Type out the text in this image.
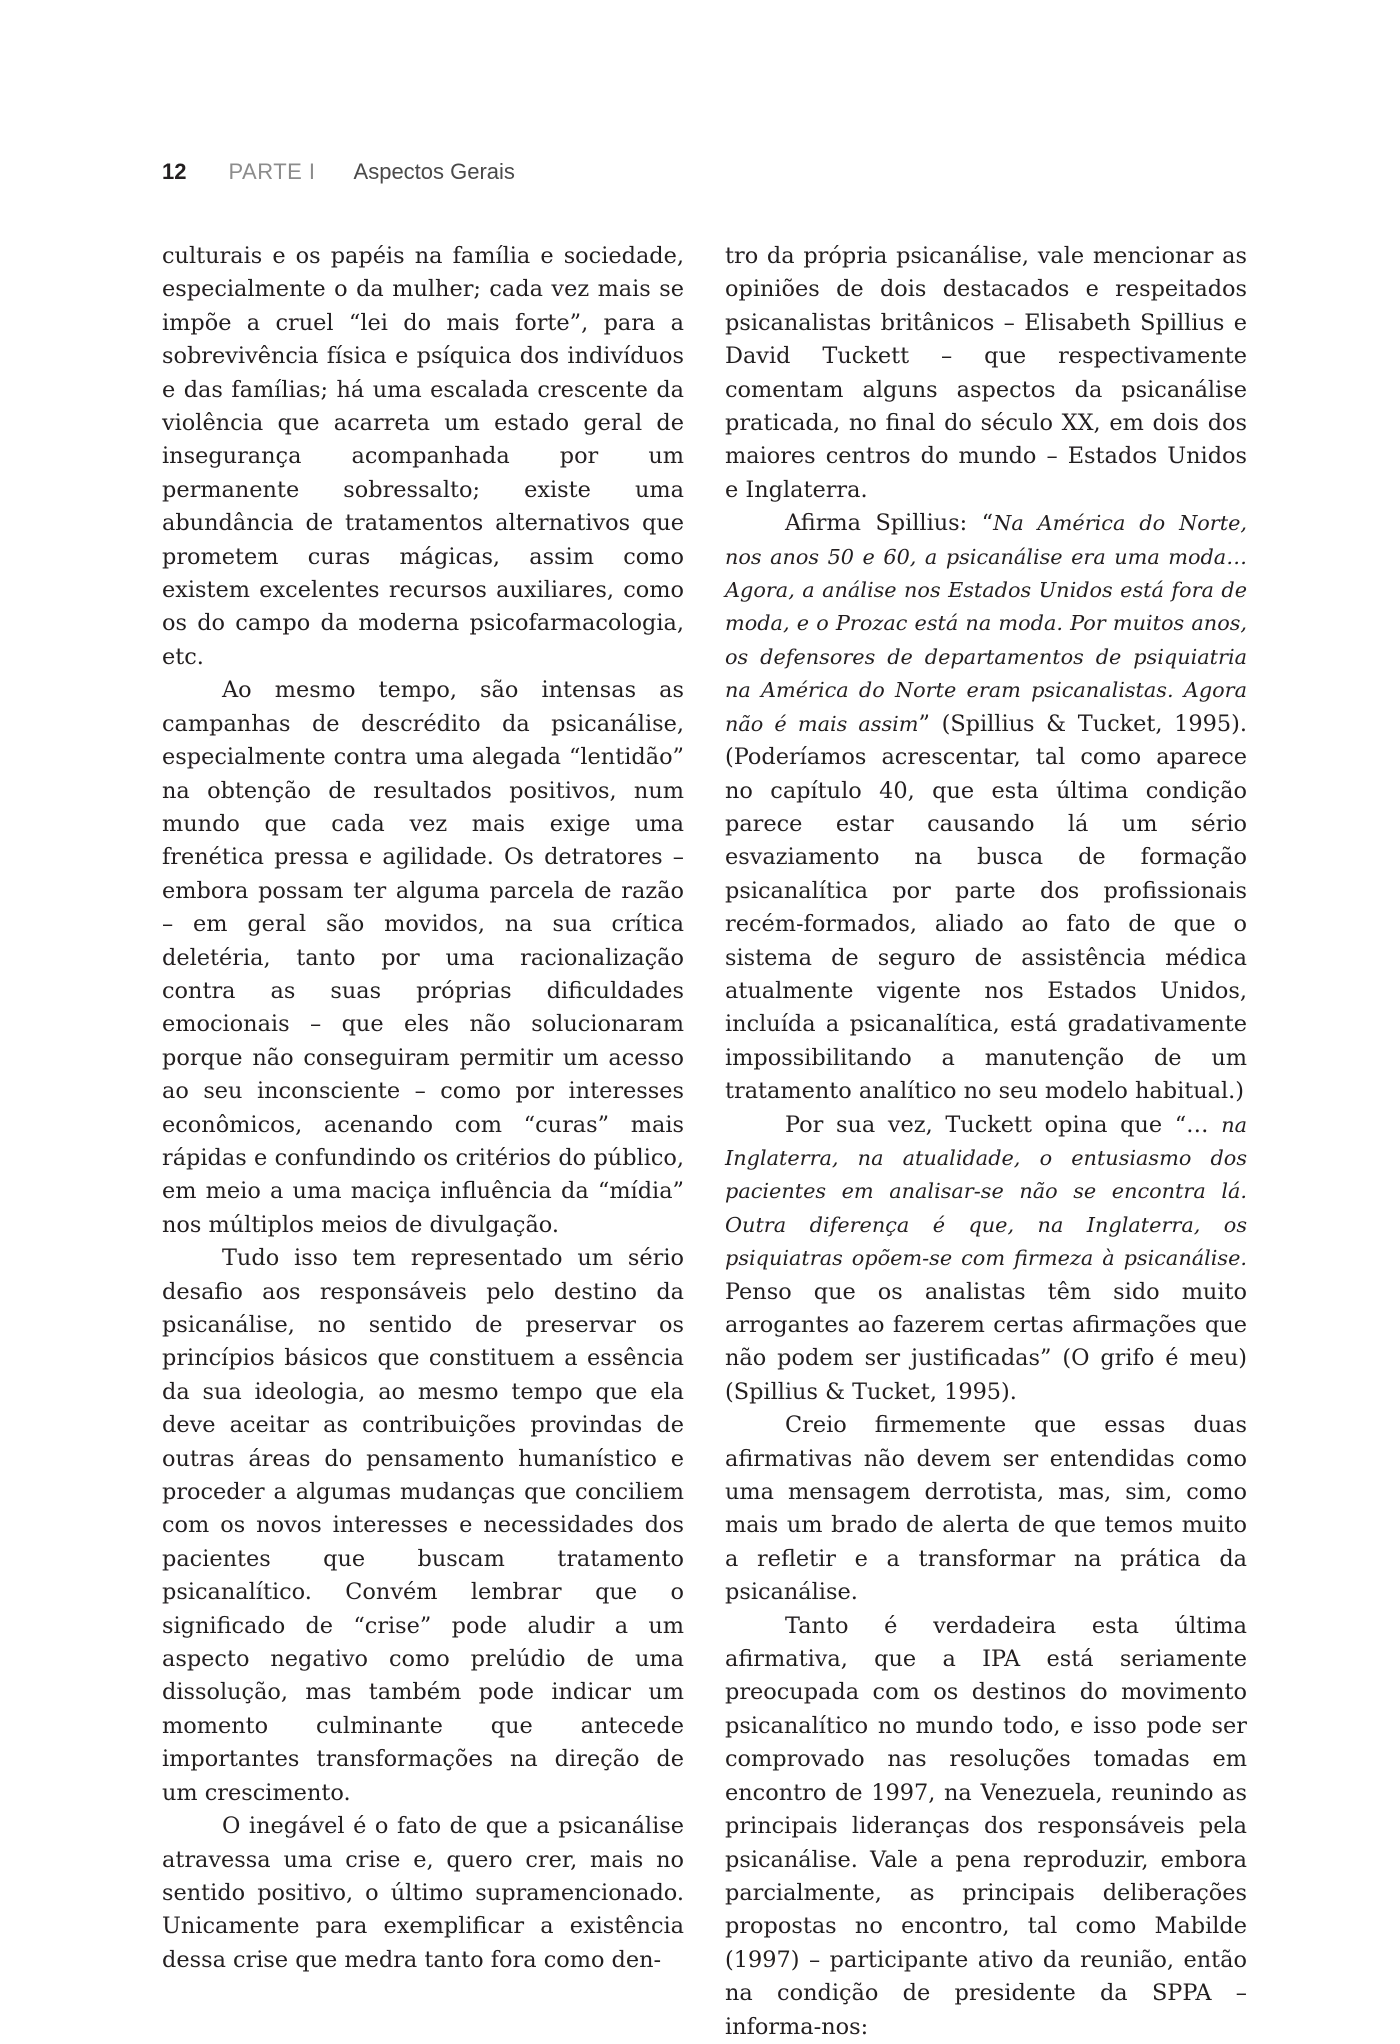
12 PARTE I Aspectos Gerais

culturais e os papéis na família e sociedade, especialmente o da mulher; cada vez mais se impõe a cruel “lei do mais forte”, para a sobrevivência física e psíquica dos indivíduos e das famílias; há uma escalada crescente da violência que acarreta um estado geral de insegurança acompanhada por um permanente sobressalto; existe uma abundância de tratamentos alternativos que prometem curas mágicas, assim como existem excelentes recursos auxiliares, como os do campo da moderna psicofarmacologia, etc.

Ao mesmo tempo, são intensas as campanhas de descrédito da psicanálise, especialmente contra uma alegada “lentidão” na obtenção de resultados positivos, num mundo que cada vez mais exige uma frenética pressa e agilidade. Os detratores – embora possam ter alguma parcela de razão – em geral são movidos, na sua crítica deletéria, tanto por uma racionalização contra as suas próprias dificuldades emocionais – que eles não solucionaram porque não conseguiram permitir um acesso ao seu inconsciente – como por interesses econômicos, acenando com “curas” mais rápidas e confundindo os critérios do público, em meio a uma maciça influência da “mídia” nos múltiplos meios de divulgação.

Tudo isso tem representado um sério desafio aos responsáveis pelo destino da psicanálise, no sentido de preservar os princípios básicos que constituem a essência da sua ideologia, ao mesmo tempo que ela deve aceitar as contribuições provindas de outras áreas do pensamento humanístico e proceder a algumas mudanças que conciliem com os novos interesses e necessidades dos pacientes que buscam tratamento psicanalítico. Convém lembrar que o significado de “crise” pode aludir a um aspecto negativo como prelúdio de uma dissolução, mas também pode indicar um momento culminante que antecede importantes transformações na direção de um crescimento.

O inegável é o fato de que a psicanálise atravessa uma crise e, quero crer, mais no sentido positivo, o último supramencionado. Unicamente para exemplificar a existência dessa crise que medra tanto fora como den-

tro da própria psicanálise, vale mencionar as opiniões de dois destacados e respeitados psicanalistas britânicos – Elisabeth Spillius e David Tuckett – que respectivamente comentam alguns aspectos da psicanálise praticada, no final do século XX, em dois dos maiores centros do mundo – Estados Unidos e Inglaterra.

Afirma Spillius: “Na América do Norte, nos anos 50 e 60, a psicanálise era uma moda… Agora, a análise nos Estados Unidos está fora de moda, e o Prozac está na moda. Por muitos anos, os defensores de departamentos de psiquiatria na América do Norte eram psicanalistas. Agora não é mais assim” (Spillius & Tucket, 1995). (Poderíamos acrescentar, tal como aparece no capítulo 40, que esta última condição parece estar causando lá um sério esvaziamento na busca de formação psicanalítica por parte dos profissionais recém-formados, aliado ao fato de que o sistema de seguro de assistência médica atualmente vigente nos Estados Unidos, incluída a psicanalítica, está gradativamente impossibilitando a manutenção de um tratamento analítico no seu modelo habitual.)

Por sua vez, Tuckett opina que “… na Inglaterra, na atualidade, o entusiasmo dos pacientes em analisar-se não se encontra lá. Outra diferença é que, na Inglaterra, os psiquiatras opõem-se com firmeza à psicanálise. Penso que os analistas têm sido muito arrogantes ao fazerem certas afirmações que não podem ser justificadas” (O grifo é meu) (Spillius & Tucket, 1995).

Creio firmemente que essas duas afirmativas não devem ser entendidas como uma mensagem derrotista, mas, sim, como mais um brado de alerta de que temos muito a refletir e a transformar na prática da psicanálise.

Tanto é verdadeira esta última afirmativa, que a IPA está seriamente preocupada com os destinos do movimento psicanalítico no mundo todo, e isso pode ser comprovado nas resoluções tomadas em encontro de 1997, na Venezuela, reunindo as principais lideranças dos responsáveis pela psicanálise. Vale a pena reproduzir, embora parcialmente, as principais deliberações propostas no encontro, tal como Mabilde (1997) – participante ativo da reunião, então na condição de presidente da SPPA – informa-nos:
